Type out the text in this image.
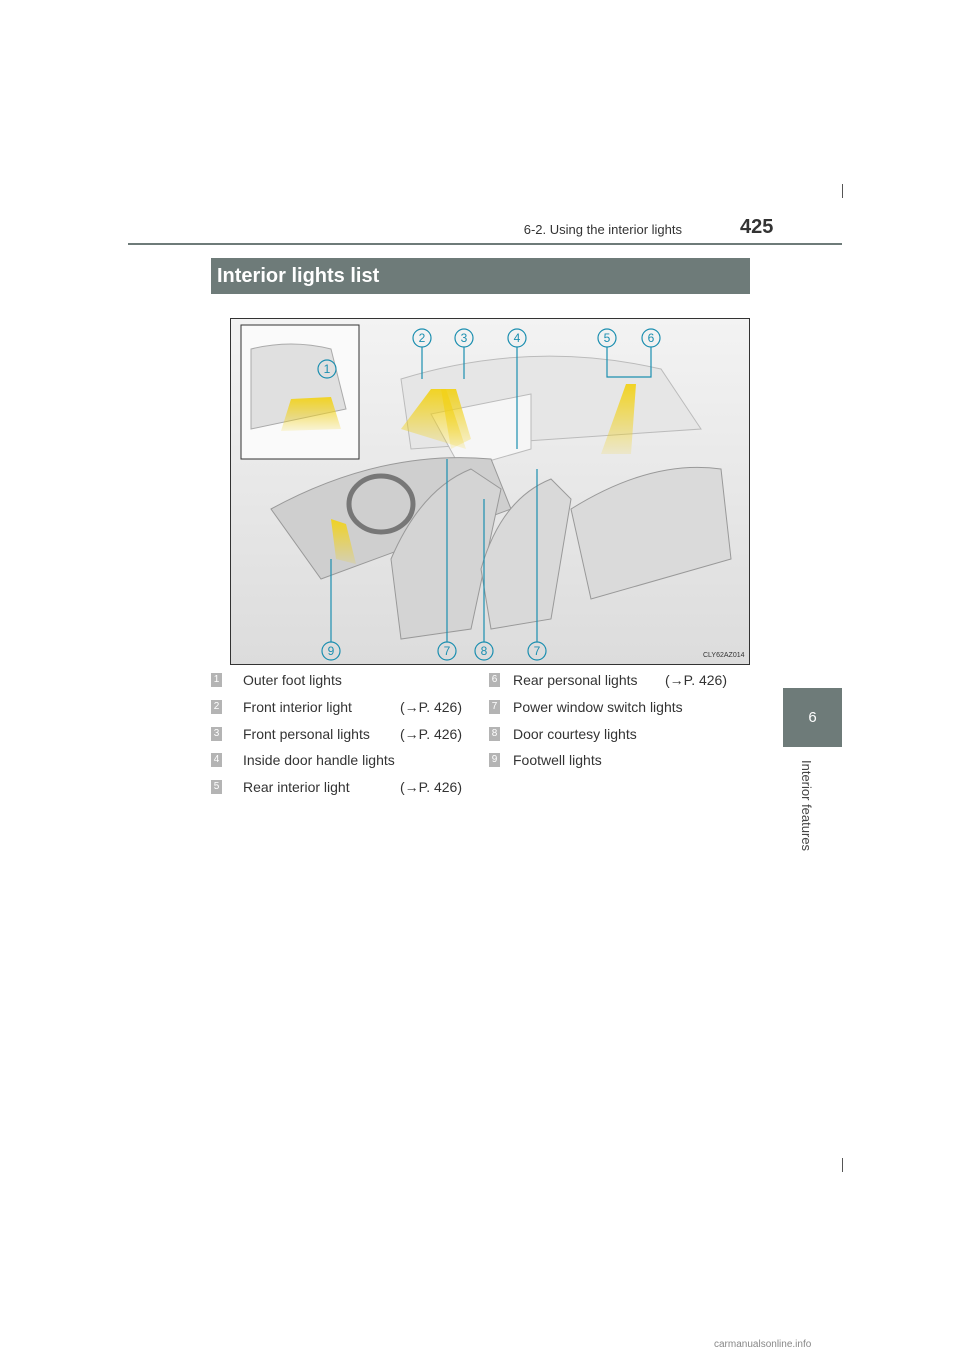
6-2. Using the interior lights	425
6
Interior features
Interior lights list
1
2	3	4	5	6
9	7	8	7	CLY62AZ014
1 Outer foot lights
2 Front interior light	(→P. 426)
3 Front personal lights (→P. 426)
4 Inside door handle lights
5 Rear interior light	(→P. 426)
6 Rear personal lights (→P. 426)
7 Power window switch lights
8 Door courtesy lights
9 Footwell lights
carmanualsonline.info
